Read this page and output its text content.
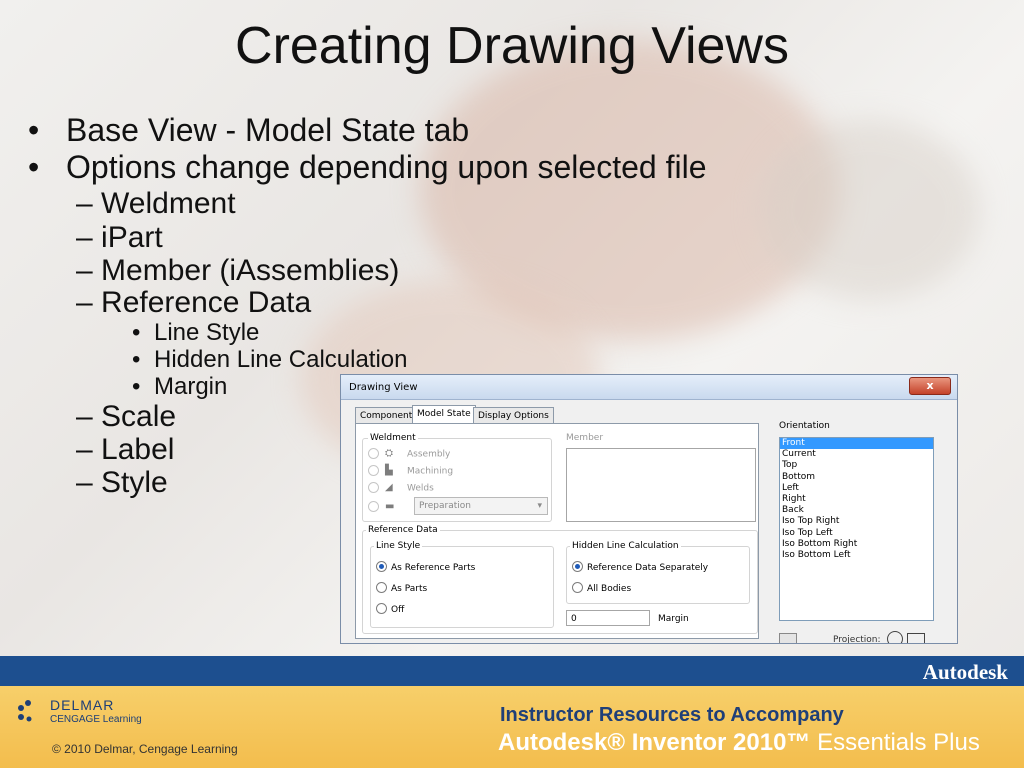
Creating Drawing Views
• Base View - Model State tab
• Options change depending upon selected file
– Weldment
– iPart
– Member (iAssemblies)
– Reference Data
• Line Style
• Hidden Line Calculation
• Margin
– Scale
– Label
– Style
Drawing View	x
Component Model State Display Options
Weldment
⛭ Assembly
▙ Machining
◢ Welds
▬	Preparation	▾
Member
Reference Data
Line Style
As Reference Parts
As Parts
Off
Hidden Line Calculation
Reference Data Separately
All Bodies
0	Margin
Orientation
Front
Current
Top
Bottom
Left
Right
Back
Iso Top Right
Iso Top Left
Iso Bottom Right
Iso Bottom Left
Projection:
Autodesk
DELMAR
CENGAGE Learning
© 2010 Delmar, Cengage Learning
Instructor Resources to Accompany
Autodesk® Inventor 2010™ Essentials Plus
